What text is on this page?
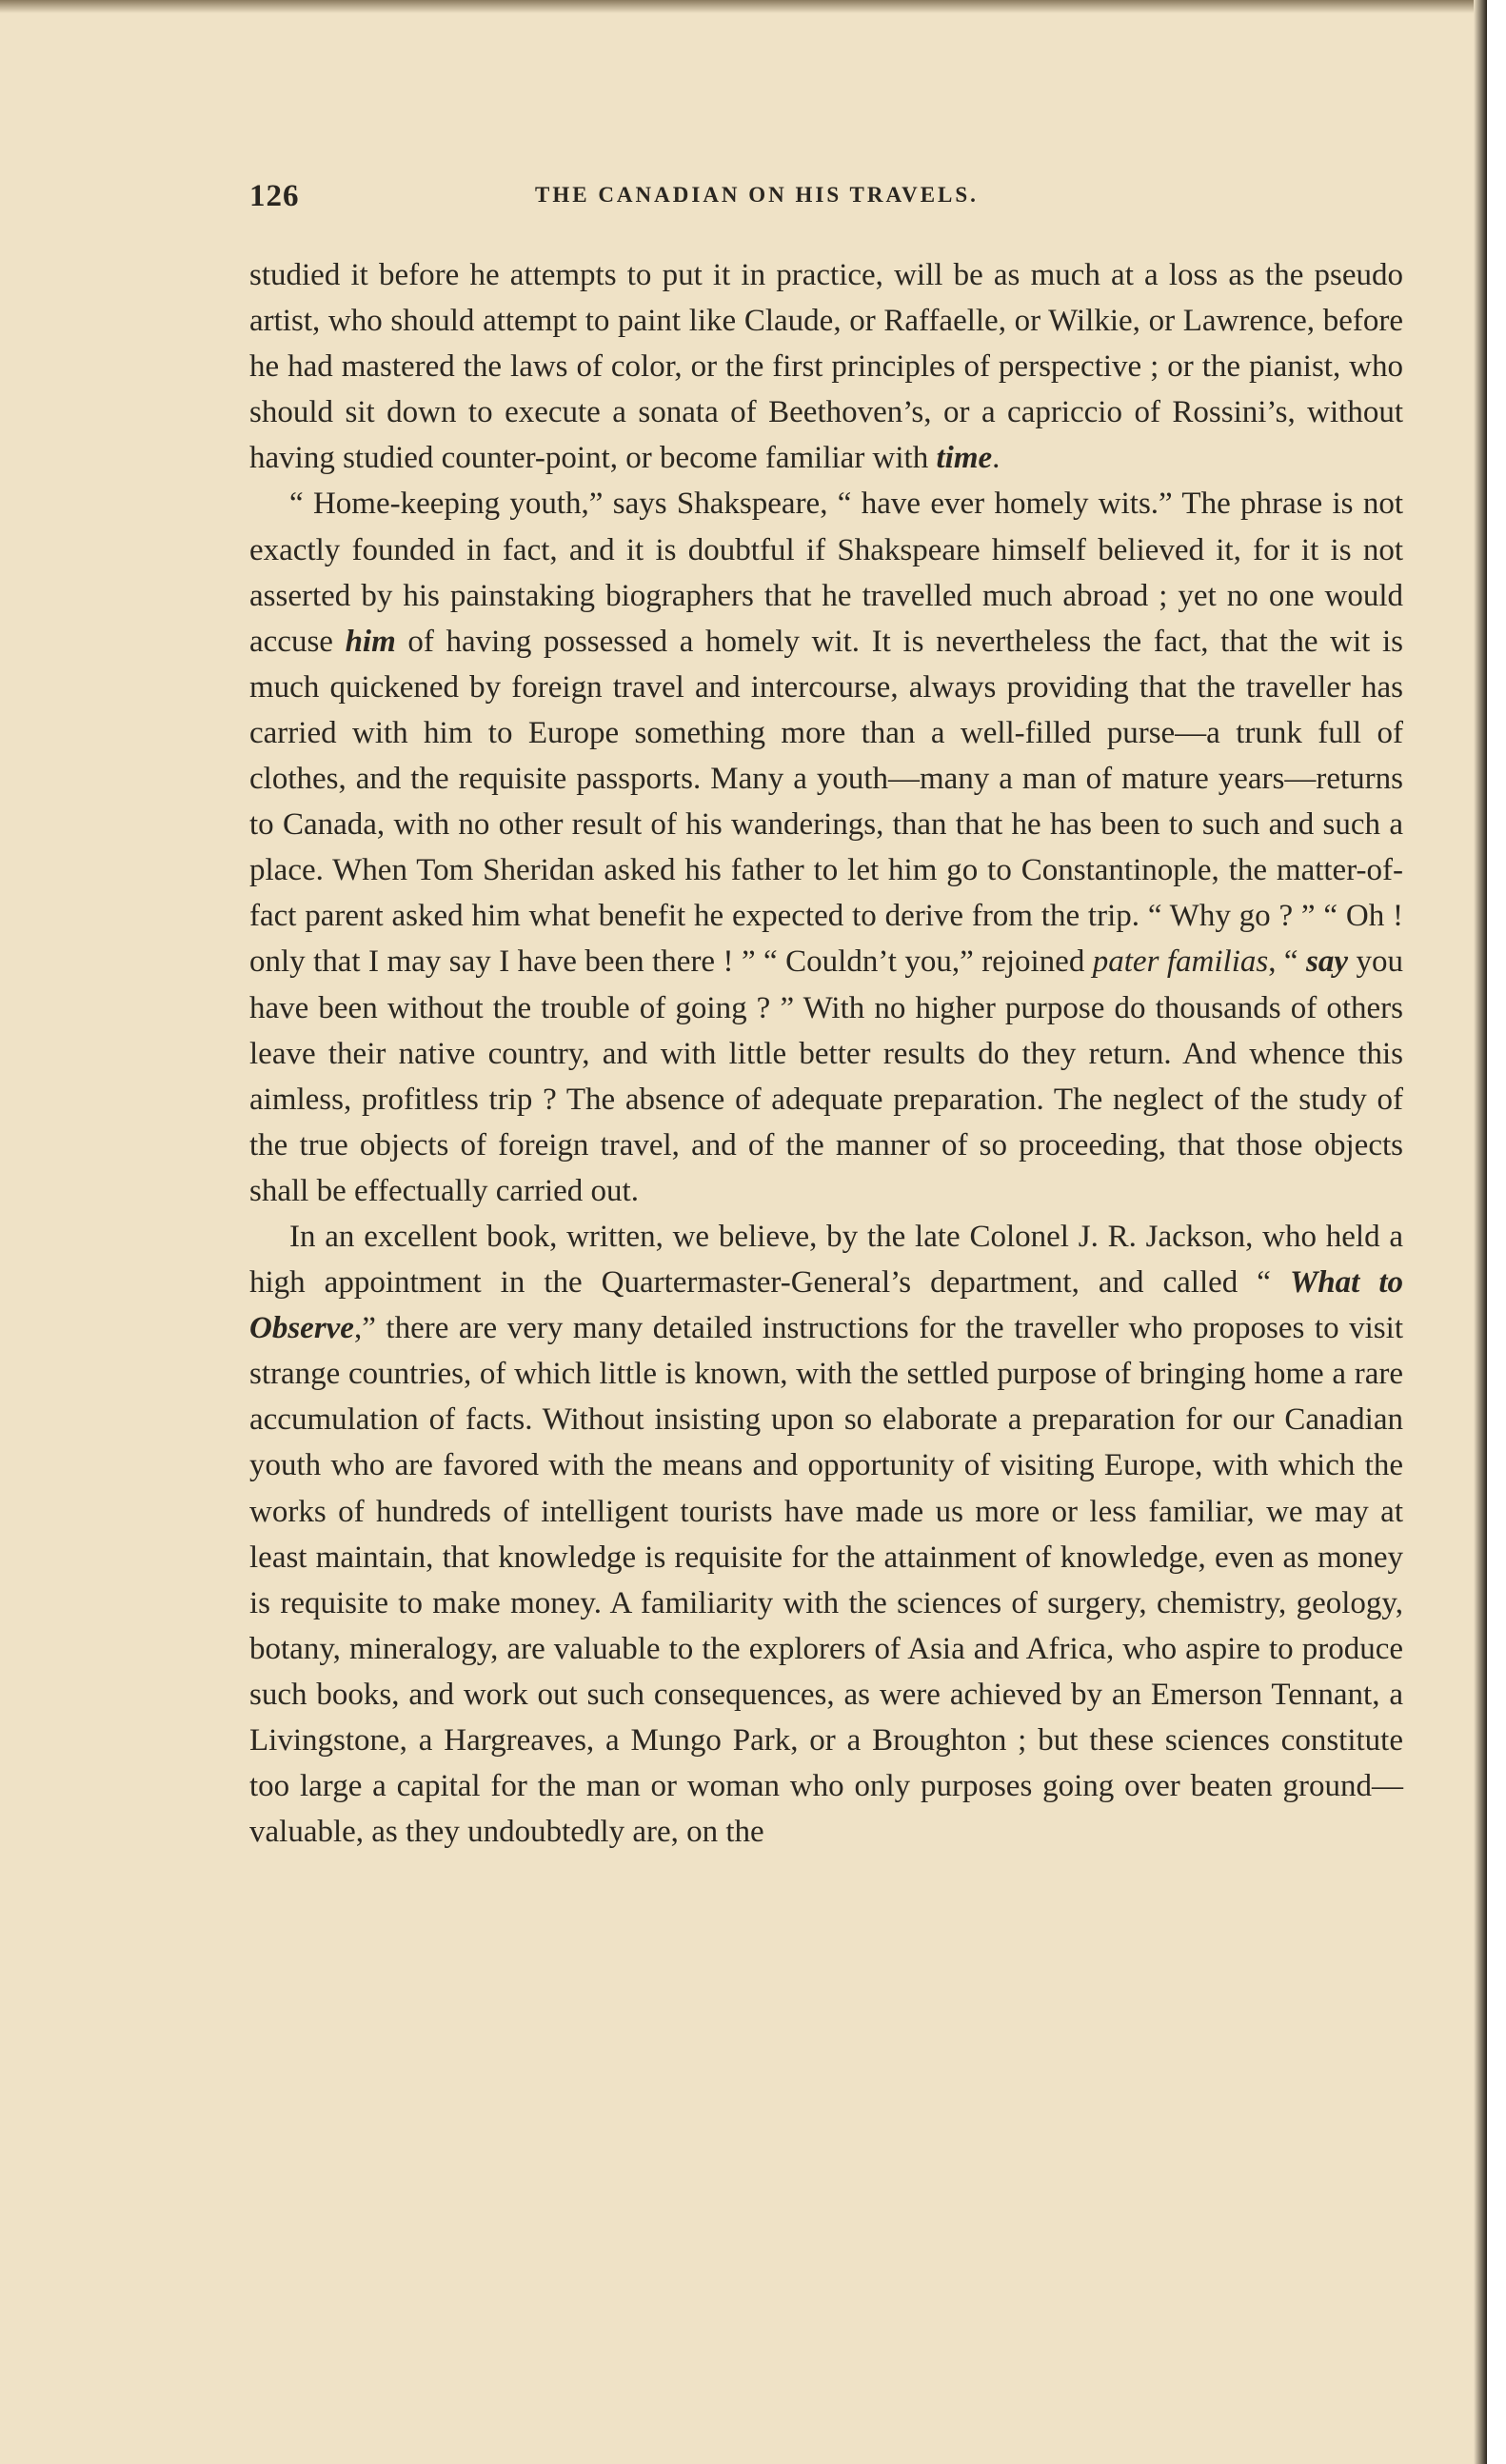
126	THE CANADIAN ON HIS TRAVELS.

studied it before he attempts to put it in practice, will be as much at a loss as the pseudo artist, who should attempt to paint like Claude, or Raffaelle, or Wilkie, or Lawrence, before he had mastered the laws of color, or the first principles of perspective ; or the pianist, who should sit down to execute a sonata of Beethoven’s, or a capriccio of Rossini’s, without having studied counter-point, or become familiar with time.

“ Home-keeping youth,” says Shakspeare, “ have ever homely wits.” The phrase is not exactly founded in fact, and it is doubtful if Shakspeare himself believed it, for it is not asserted by his painstaking biographers that he travelled much abroad ; yet no one would accuse him of having possessed a homely wit. It is nevertheless the fact, that the wit is much quickened by foreign travel and intercourse, always providing that the traveller has carried with him to Europe something more than a well-filled purse—a trunk full of clothes, and the requisite passports. Many a youth—many a man of mature years—returns to Canada, with no other result of his wanderings, than that he has been to such and such a place. When Tom Sheridan asked his father to let him go to Constantinople, the matter-of-fact parent asked him what benefit he expected to derive from the trip. “ Why go ? ” “ Oh ! only that I may say I have been there ! ” “ Couldn’t you,” rejoined pater familias, “ say you have been without the trouble of going ? ” With no higher purpose do thousands of others leave their native country, and with little better results do they return. And whence this aimless, profitless trip ? The absence of adequate preparation. The neglect of the study of the true objects of foreign travel, and of the manner of so proceeding, that those objects shall be effectually carried out.

In an excellent book, written, we believe, by the late Colonel J. R. Jackson, who held a high appointment in the Quartermaster-General’s department, and called “ What to Observe,” there are very many detailed instructions for the traveller who proposes to visit strange countries, of which little is known, with the settled purpose of bringing home a rare accumulation of facts. Without insisting upon so elaborate a preparation for our Canadian youth who are favored with the means and opportunity of visiting Europe, with which the works of hundreds of intelligent tourists have made us more or less familiar, we may at least maintain, that knowledge is requisite for the attainment of knowledge, even as money is requisite to make money. A familiarity with the sciences of surgery, chemistry, geology, botany, mineralogy, are valuable to the explorers of Asia and Africa, who aspire to produce such books, and work out such consequences, as were achieved by an Emerson Tennant, a Livingstone, a Hargreaves, a Mungo Park, or a Broughton ; but these sciences constitute too large a capital for the man or woman who only purposes going over beaten ground—valuable, as they undoubtedly are, on the
